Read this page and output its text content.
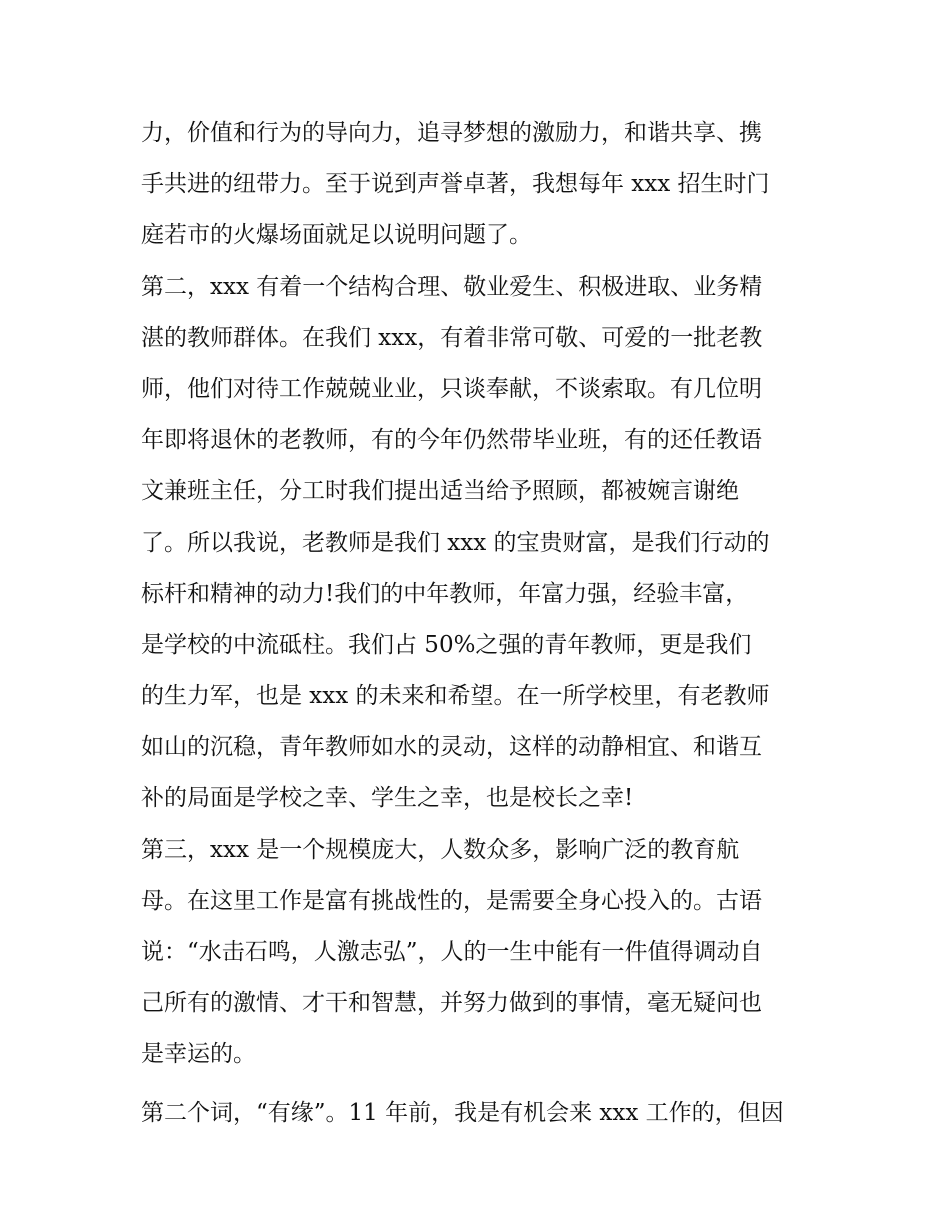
力，价值和行为的导向力，追寻梦想的激励力，和谐共享、携
手共进的纽带力。至于说到声誉卓著，我想每年 xxx 招生时门
庭若市的火爆场面就足以说明问题了。
第二，xxx 有着一个结构合理、敬业爱生、积极进取、业务精
湛的教师群体。在我们 xxx，有着非常可敬、可爱的一批老教
师，他们对待工作兢兢业业，只谈奉献，不谈索取。有几位明
年即将退休的老教师，有的今年仍然带毕业班，有的还任教语
文兼班主任，分工时我们提出适当给予照顾，都被婉言谢绝
了。所以我说，老教师是我们 xxx 的宝贵财富，是我们行动的
标杆和精神的动力!我们的中年教师，年富力强，经验丰富，
是学校的中流砥柱。我们占 50%之强的青年教师，更是我们
的生力军，也是 xxx 的未来和希望。在一所学校里，有老教师
如山的沉稳，青年教师如水的灵动，这样的动静相宜、和谐互
补的局面是学校之幸、学生之幸，也是校长之幸!
第三，xxx 是一个规模庞大，人数众多，影响广泛的教育航
母。在这里工作是富有挑战性的，是需要全身心投入的。古语
说：“水击石鸣，人激志弘”，人的一生中能有一件值得调动自
己所有的激情、才干和智慧，并努力做到的事情，毫无疑问也
是幸运的。
第二个词，“有缘”。11 年前，我是有机会来 xxx 工作的，但因
